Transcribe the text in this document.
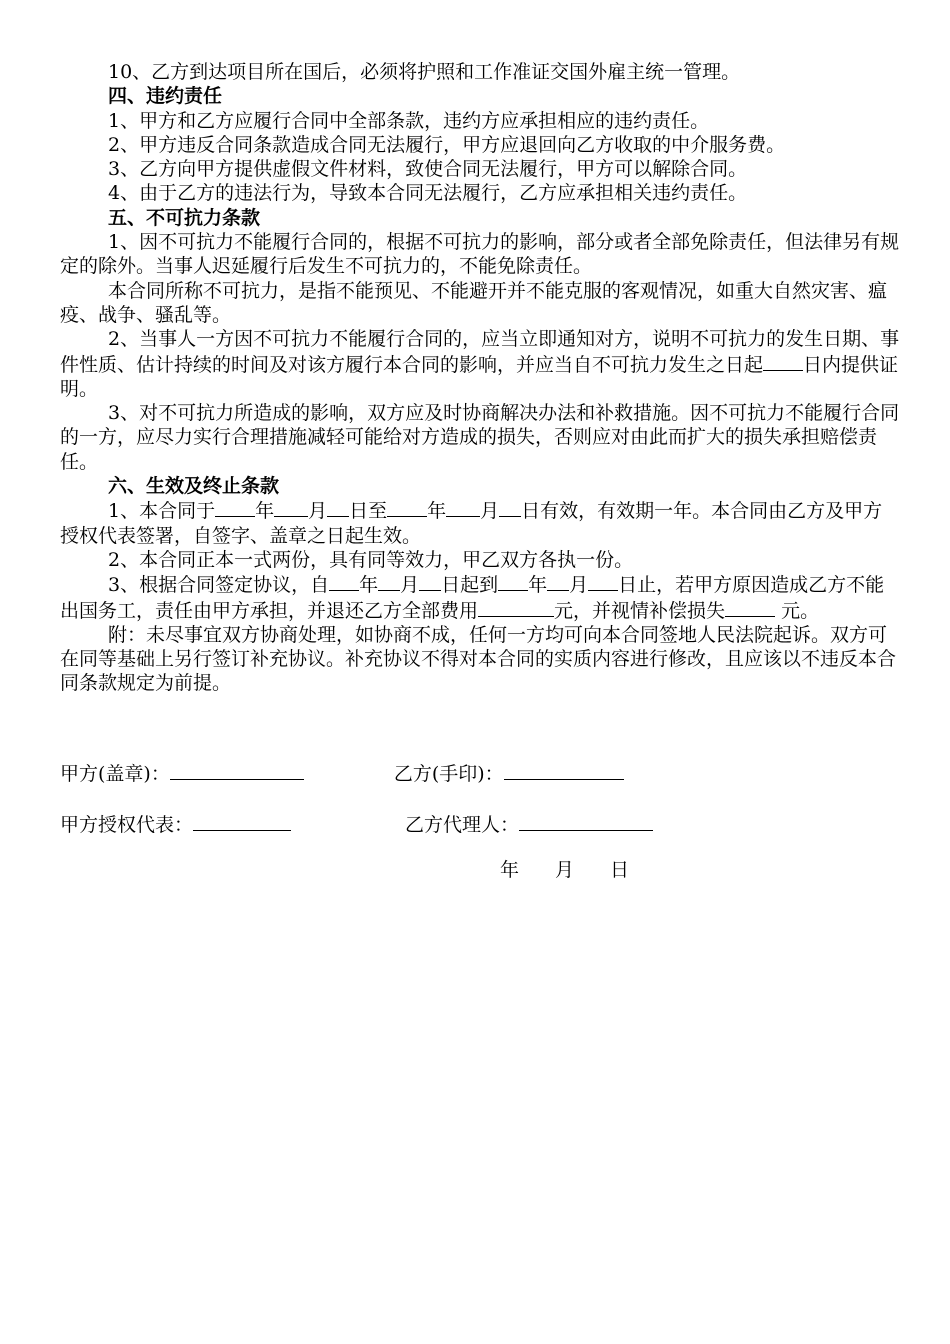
10、乙方到达项目所在国后，必须将护照和工作准证交国外雇主统一管理。

四、违约责任

1、甲方和乙方应履行合同中全部条款，违约方应承担相应的违约责任。

2、甲方违反合同条款造成合同无法履行，甲方应退回向乙方收取的中介服务费。

3、乙方向甲方提供虚假文件材料，致使合同无法履行，甲方可以解除合同。

4、由于乙方的违法行为，导致本合同无法履行，乙方应承担相关违约责任。

五、不可抗力条款

1、因不可抗力不能履行合同的，根据不可抗力的影响，部分或者全部免除责任，但法律另有规定的除外。当事人迟延履行后发生不可抗力的，不能免除责任。

本合同所称不可抗力，是指不能预见、不能避开并不能克服的客观情况，如重大自然灾害、瘟疫、战争、骚乱等。

2、当事人一方因不可抗力不能履行合同的，应当立即通知对方，说明不可抗力的发生日期、事件性质、估计持续的时间及对该方履行本合同的影响，并应当自不可抗力发生之日起 日内提供证明。

3、对不可抗力所造成的影响，双方应及时协商解决办法和补救措施。因不可抗力不能履行合同的一方，应尽力实行合理措施减轻可能给对方造成的损失，否则应对由此而扩大的损失承担赔偿责任。

六、生效及终止条款

1、本合同于 年 月 日至 年 月 日有效，有效期一年。本合同由乙方及甲方授权代表签署，自签字、盖章之日起生效。

2、本合同正本一式两份，具有同等效力，甲乙双方各执一份。

3、根据合同签定协议，自 年 月 日起到 年 月 日止，若甲方原因造成乙方不能出国务工，责任由甲方承担，并退还乙方全部费用	元，并视情补偿损失	元。

附：未尽事宜双方协商处理，如协商不成，任何一方均可向本合同签地人民法院起诉。双方可在同等基础上另行签订补充协议。补充协议不得对本合同的实质内容进行修改，且应该以不违反本合同条款规定为前提。

甲方(盖章)：	乙方(手印)：
甲方授权代表：	乙方代理人：
年 月 日
